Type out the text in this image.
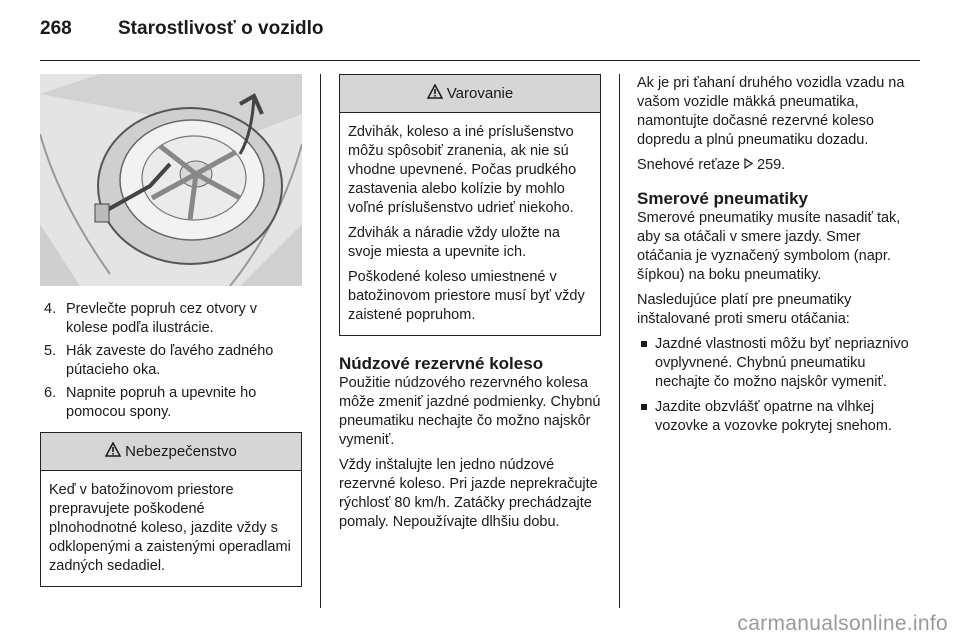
268 Starostlivosť o vozidlo
4. Prevlečte popruh cez otvory v kolese podľa ilustrácie.
5. Hák zaveste do ľavého zadného pútacieho oka.
6. Napnite popruh a upevnite ho pomocou spony.
Nebezpečenstvo

Keď v batožinovom priestore prepravujete poškodené plnohodnotné koleso, jazdite vždy s odklopenými a zaistenými operadlami zadných sedadiel.

Varovanie

Zdvihák, koleso a iné príslušenstvo môžu spôsobiť zranenia, ak nie sú vhodne upevnené. Počas prudkého zastavenia alebo kolízie by mohlo voľné príslušenstvo udrieť niekoho.

Zdvihák a náradie vždy uložte na svoje miesta a upevnite ich.

Poškodené koleso umiestnené v batožinovom priestore musí byť vždy zaistené popruhom.

Núdzové rezervné koleso

Použitie núdzového rezervného kolesa môže zmeniť jazdné podmienky. Chybnú pneumatiku nechajte čo možno najskôr vymeniť.

Vždy inštalujte len jedno núdzové rezervné koleso. Pri jazde neprekračujte rýchlosť 80 km/h. Zatáčky prechádzajte pomaly. Nepoužívajte dlhšiu dobu.

Ak je pri ťahaní druhého vozidla vzadu na vašom vozidle mäkká pneumatika, namontujte dočasné rezervné koleso dopredu a plnú pneumatiku dozadu.

Snehové reťaze 259.

Smerové pneumatiky

Smerové pneumatiky musíte nasadiť tak, aby sa otáčali v smere jazdy. Smer otáčania je vyznačený symbolom (napr. šípkou) na boku pneumatiky.

Nasledujúce platí pre pneumatiky inštalované proti smeru otáčania:

Jazdné vlastnosti môžu byť nepriaznivo ovplyvnené. Chybnú pneumatiku nechajte čo možno najskôr vymeniť.
Jazdite obzvlášť opatrne na vlhkej vozovke a vozovke pokrytej snehom.
carmanualsonline.info
